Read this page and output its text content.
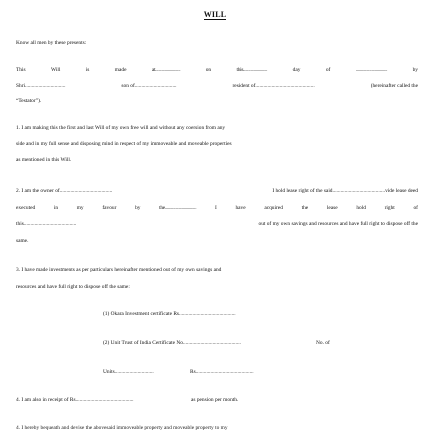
WILL
Know all men by these presents:
This	Will	is	made	at........................	on	this.......................	day	of	..............................	by
Shri..............................	son of...............................	resident of............................................	(hereinafter called the
“Testator”).
1. I am making this the first and last Will of my own free will and without any coersion from any
side and in my full sense and disposing mind in respect of my immoveable and moveable properties
as mentioned in this Will.
2. I am the owner of.......................................	I hold lease right of the said.......................................vide lease deed
executed	in	my	favour	by	the..............................	I	have	acquired	the	lease	hold	right	of
this.......................................	out of my own savings and resources and have full right to dispose off the
same.
3. I have made investments as per particulars hereinafter mentioned out of my own savings and
resources and have full right to dispose off the same:
(1) Okara Investment certificate Rs..........................................
(2) Unit Trust of India Certificate No...........................................	No. of
Units.............................	Rs...........................................
4. I am also in receipt of Rs...........................................	as pension per month.
4. I hereby bequeath and devise the abovesaid immoveable property and moveable property to my
